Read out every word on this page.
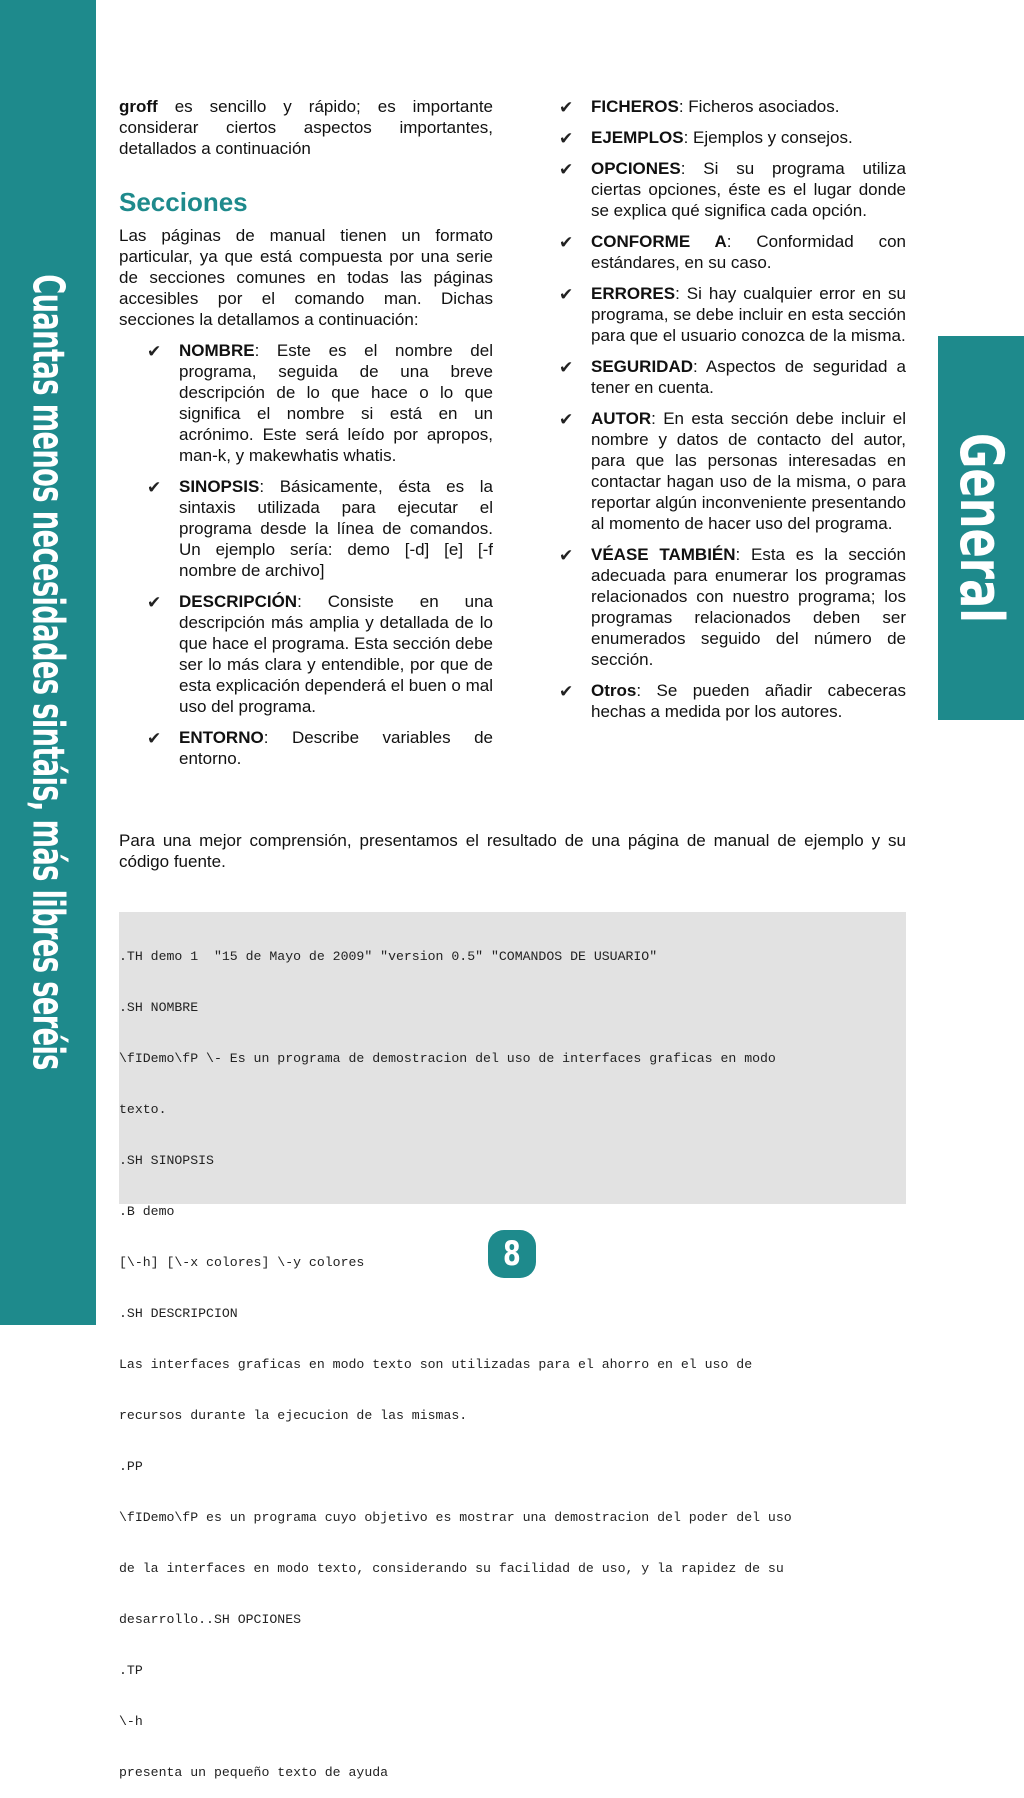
Cuantas menos necesidades sintáis, más libres seréis	General

groff es sencillo y rápido; es importante considerar ciertos aspectos importantes, detallados a continuación

Secciones

Las páginas de manual tienen un formato particular, ya que está compuesta por una serie de secciones comunes en todas las páginas accesibles por el comando man. Dichas secciones la detallamos a continuación:

✔ NOMBRE: Este es el nombre del programa, seguida de una breve descripción de lo que hace o lo que significa el nombre si está en un acrónimo. Este será leído por apropos, man-k, y makewhatis whatis.
✔ SINOPSIS: Básicamente, ésta es la sintaxis utilizada para ejecutar el programa desde la línea de comandos. Un ejemplo sería: demo [-d] [e] [-f nombre de archivo]
✔ DESCRIPCIÓN: Consiste en una descripción más amplia y detallada de lo que hace el programa. Esta sección debe ser lo más clara y entendible, por que de esta explicación dependerá el buen o mal uso del programa.
✔ ENTORNO: Describe variables de entorno.
✔ FICHEROS: Ficheros asociados.
✔ EJEMPLOS: Ejemplos y consejos.
✔ OPCIONES: Si su programa utiliza ciertas opciones, éste es el lugar donde se explica qué significa cada opción.
✔ CONFORME A: Conformidad con estándares, en su caso.
✔ ERRORES: Si hay cualquier error en su programa, se debe incluir en esta sección para que el usuario conozca de la misma.
✔ SEGURIDAD: Aspectos de seguridad a tener en cuenta.
✔ AUTOR: En esta sección debe incluir el nombre y datos de contacto del autor, para que las personas interesadas en contactar hagan uso de la misma, o para reportar algún inconveniente presentando al momento de hacer uso del programa.
✔ VÉASE TAMBIÉN: Esta es la sección adecuada para enumerar los programas relacionados con nuestro programa; los programas relacionados deben ser enumerados seguido del número de sección.
✔ Otros: Se pueden añadir cabeceras hechas a medida por los autores.

Para una mejor comprensión, presentamos el resultado de una página de manual de ejemplo y su código fuente.

.TH demo 1  "15 de Mayo de 2009" "version 0.5" "COMANDOS DE USUARIO"

.SH NOMBRE

\fIDemo\fP \- Es un programa de demostracion del uso de interfaces graficas en modo

texto.

.SH SINOPSIS

.B demo

[\-h] [\-x colores] \-y colores

.SH DESCRIPCION

Las interfaces graficas en modo texto son utilizadas para el ahorro en el uso de

recursos durante la ejecucion de las mismas.

.PP

\fIDemo\fP es un programa cuyo objetivo es mostrar una demostracion del poder del uso

de la interfaces en modo texto, considerando su facilidad de uso, y la rapidez de su

desarrollo..SH OPCIONES

.TP

\-h

presenta un pequeño texto de ayuda

8
